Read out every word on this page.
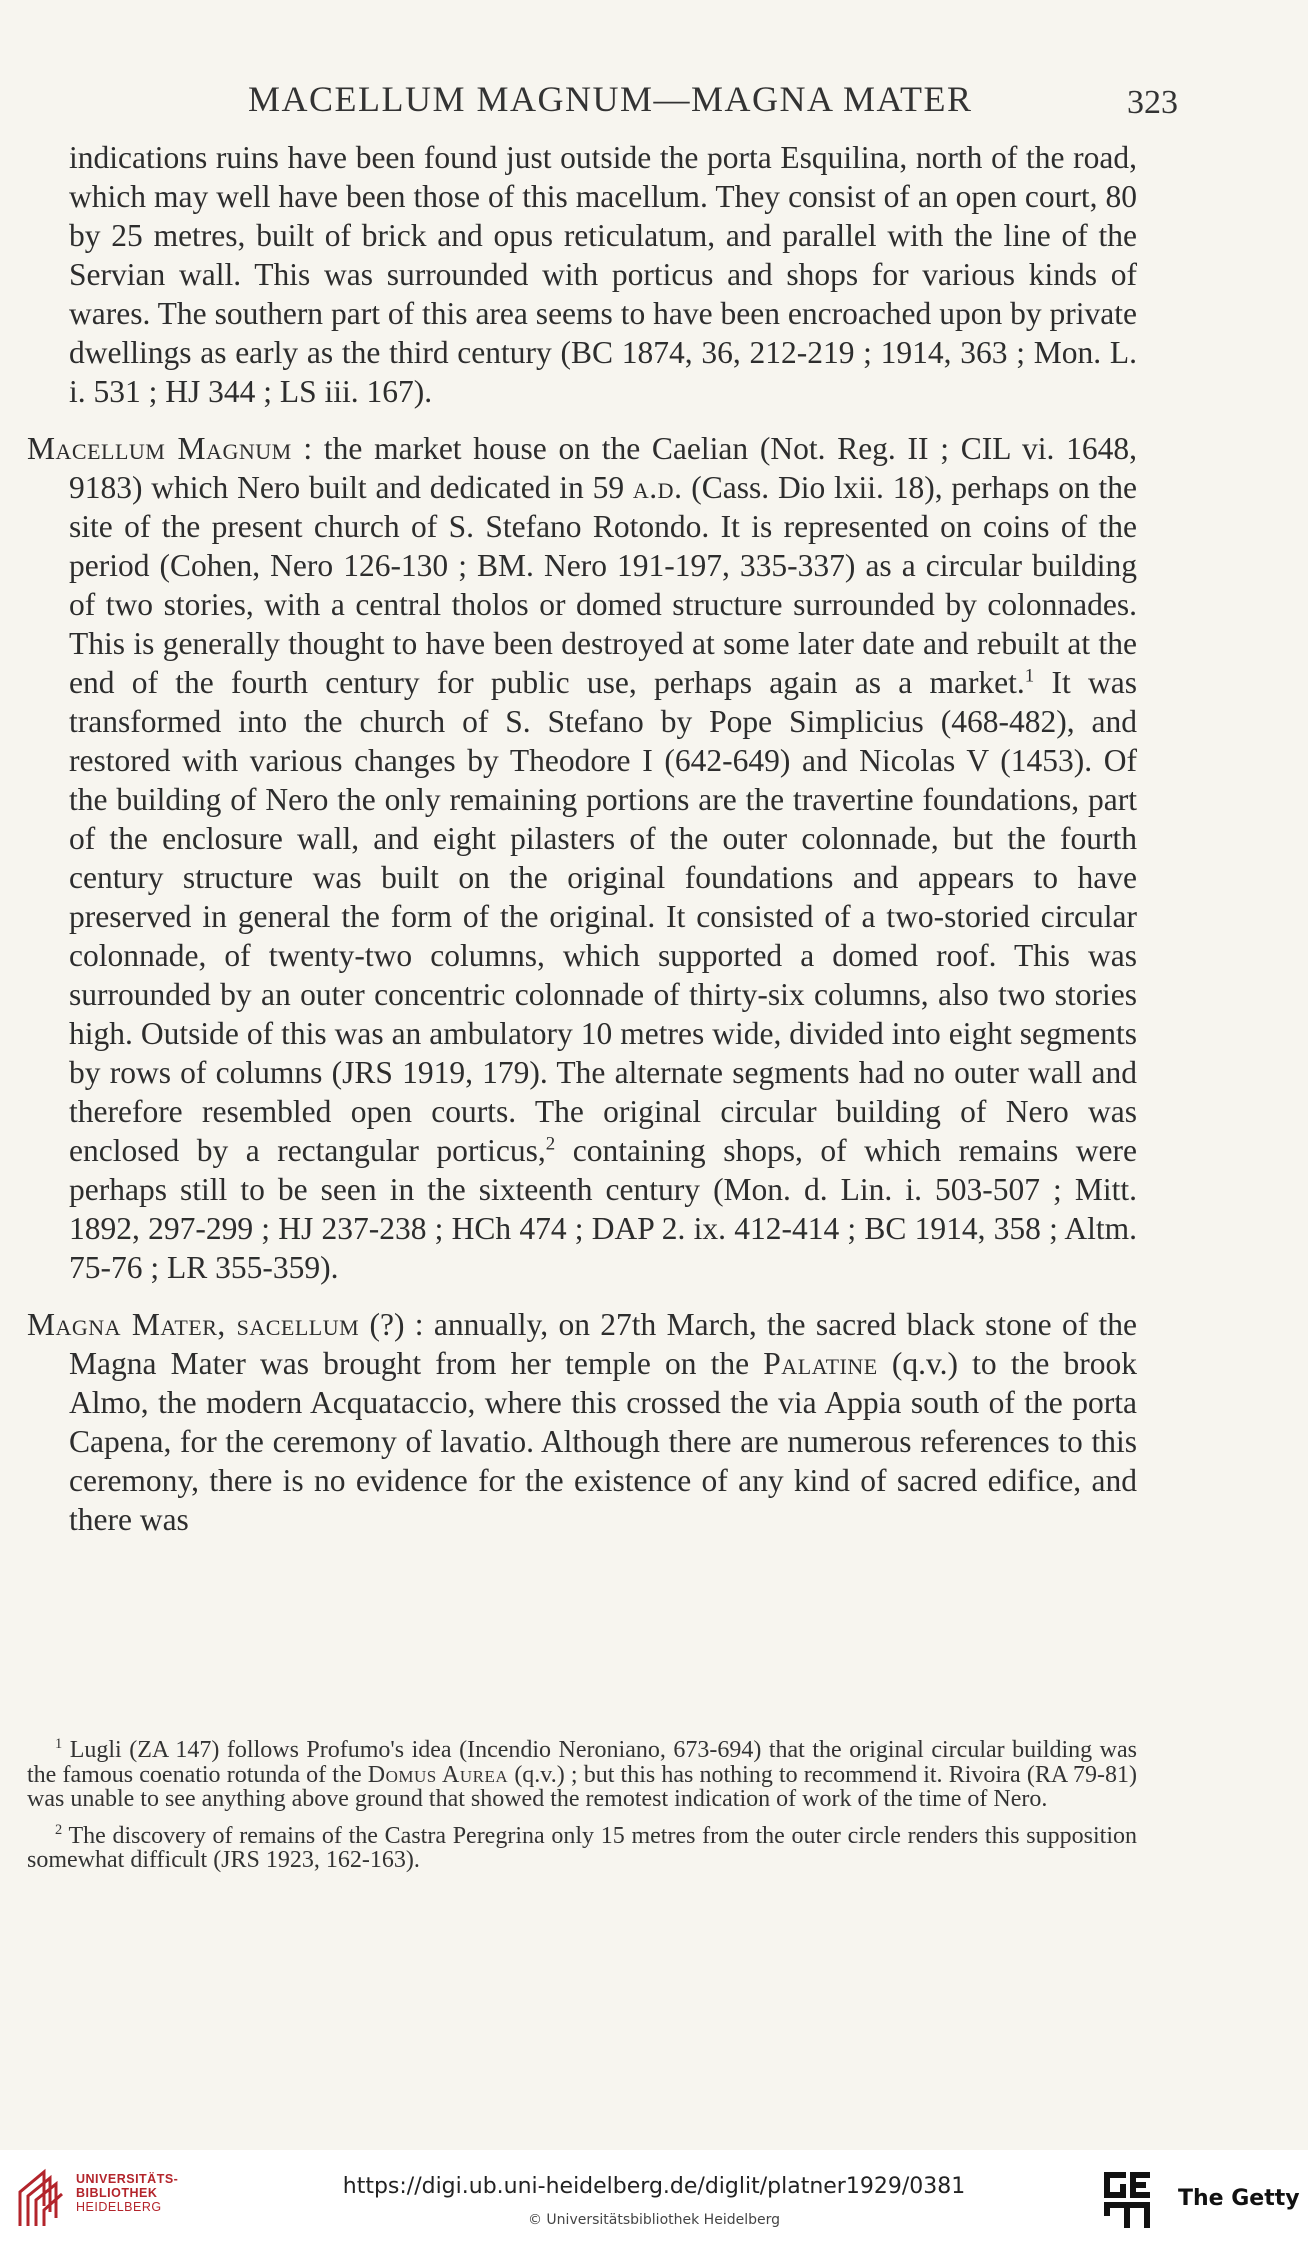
MACELLUM MAGNUM—MAGNA MATER	323

indications ruins have been found just outside the porta Esquilina, north of the road, which may well have been those of this macellum. They consist of an open court, 80 by 25 metres, built of brick and opus reticulatum, and parallel with the line of the Servian wall. This was surrounded with porticus and shops for various kinds of wares. The southern part of this area seems to have been encroached upon by private dwellings as early as the third century (BC 1874, 36, 212-219 ; 1914, 363 ; Mon. L. i. 531 ; HJ 344 ; LS iii. 167).

Macellum Magnum : the market house on the Caelian (Not. Reg. II ; CIL vi. 1648, 9183) which Nero built and dedicated in 59 a.d. (Cass. Dio lxii. 18), perhaps on the site of the present church of S. Stefano Rotondo. It is represented on coins of the period (Cohen, Nero 126-130 ; BM. Nero 191-197, 335-337) as a circular building of two stories, with a central tholos or domed structure surrounded by colonnades. This is generally thought to have been destroyed at some later date and rebuilt at the end of the fourth century for public use, perhaps again as a market.$^1$ It was transformed into the church of S. Stefano by Pope Simplicius (468-482), and restored with various changes by Theodore I (642-649) and Nicolas V (1453). Of the building of Nero the only remaining portions are the travertine foundations, part of the enclosure wall, and eight pilasters of the outer colonnade, but the fourth century structure was built on the original foundations and appears to have preserved in general the form of the original. It consisted of a two-storied circular colonnade, of twenty-two columns, which supported a domed roof. This was surrounded by an outer concentric colonnade of thirty-six columns, also two stories high. Outside of this was an ambulatory 10 metres wide, divided into eight segments by rows of columns (JRS 1919, 179). The alternate segments had no outer wall and therefore resembled open courts. The original circular building of Nero was enclosed by a rectangular porticus,$^2$ containing shops, of which remains were perhaps still to be seen in the sixteenth century (Mon. d. Lin. i. 503-507 ; Mitt. 1892, 297-299 ; HJ 237-238 ; HCh 474 ; DAP 2. ix. 412-414 ; BC 1914, 358 ; Altm. 75-76 ; LR 355-359).

Magna Mater, sacellum (?) : annually, on 27th March, the sacred black stone of the Magna Mater was brought from her temple on the Palatine (q.v.) to the brook Almo, the modern Acquataccio, where this crossed the via Appia south of the porta Capena, for the ceremony of lavatio. Although there are numerous references to this ceremony, there is no evidence for the existence of any kind of sacred edifice, and there was

$^1$ Lugli (ZA 147) follows Profumo's idea (Incendio Neroniano, 673-694) that the original circular building was the famous coenatio rotunda of the Domus Aurea (q.v.) ; but this has nothing to recommend it. Rivoira (RA 79-81) was unable to see anything above ground that showed the remotest indication of work of the time of Nero.

$^2$ The discovery of remains of the Castra Peregrina only 15 metres from the outer circle renders this supposition somewhat difficult (JRS 1923, 162-163).

UNIVERSITÄTS-
BIBLIOTHEK
HEIDELBERG
https://digi.ub.uni-heidelberg.de/diglit/platner1929/0381
© Universitätsbibliothek Heidelberg
The Getty
